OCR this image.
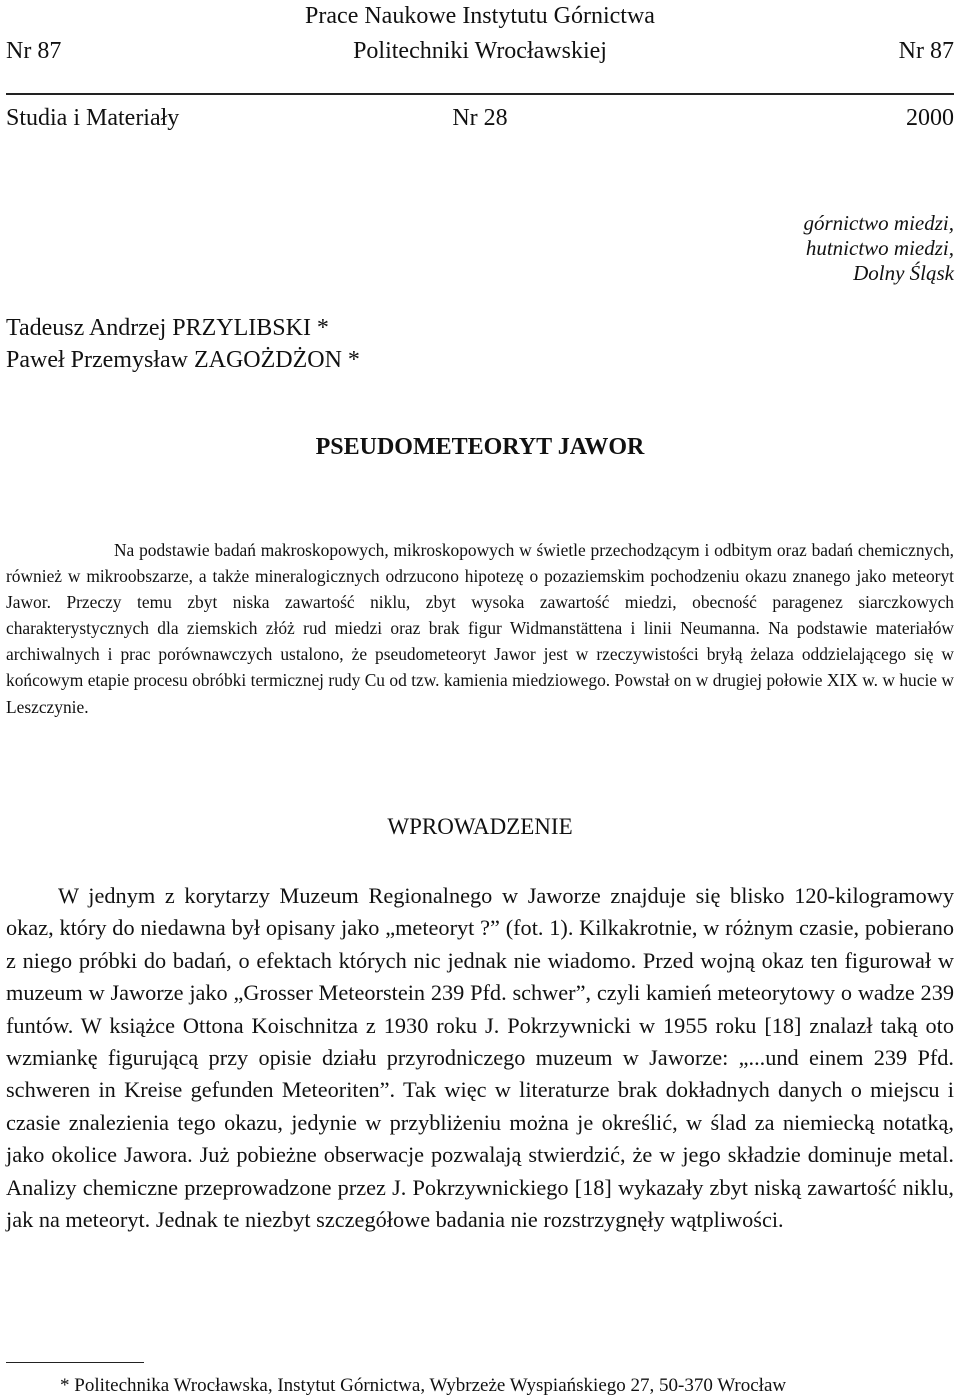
Prace Naukowe Instytutu Górnictwa
Nr 87	Politechniki Wrocławskiej	Nr 87
Studia i Materiały	Nr 28	2000
górnictwo miedzi,
hutnictwo miedzi,
Dolny Śląsk
Tadeusz Andrzej PRZYLIBSKI *
Paweł Przemysław ZAGOŻDŻON *
PSEUDOMETEORYT JAWOR

Na podstawie badań makroskopowych, mikroskopowych w świetle przechodzącym i odbitym oraz badań chemicznych, również w mikroobszarze, a także mineralogicznych odrzucono hipotezę o pozaziemskim pochodzeniu okazu znanego jako meteoryt Jawor. Przeczy temu zbyt niska zawartość niklu, zbyt wysoka zawartość miedzi, obecność paragenez siarczkowych charakterystycznych dla ziemskich złóż rud miedzi oraz brak figur Widmanstättena i linii Neumanna. Na podstawie materiałów archiwalnych i prac porównawczych ustalono, że pseudometeoryt Jawor jest w rzeczywistości bryłą żelaza oddzielającego się w końcowym etapie procesu obróbki termicznej rudy Cu od tzw. kamienia miedziowego. Powstał on w drugiej połowie XIX w. w hucie w Leszczynie.

WPROWADZENIE

W jednym z korytarzy Muzeum Regionalnego w Jaworze znajduje się blisko 120-kilogramowy okaz, który do niedawna był opisany jako „meteoryt ?” (fot. 1). Kilkakrotnie, w różnym czasie, pobierano z niego próbki do badań, o efektach których nic jednak nie wiadomo. Przed wojną okaz ten figurował w muzeum w Jaworze jako „Grosser Meteorstein 239 Pfd. schwer”, czyli kamień meteorytowy o wadze 239 funtów. W książce Ottona Koischnitza z 1930 roku J. Pokrzywnicki w 1955 roku [18] znalazł taką oto wzmiankę figurującą przy opisie działu przyrodniczego muzeum w Jaworze: „...und einem 239 Pfd. schweren in Kreise gefunden Meteoriten”. Tak więc w literaturze brak dokładnych danych o miejscu i czasie znalezienia tego okazu, jedynie w przybliżeniu można je określić, w ślad za niemiecką notatką, jako okolice Jawora. Już pobieżne obserwacje pozwalają stwierdzić, że w jego składzie dominuje metal. Analizy chemiczne przeprowadzone przez J. Pokrzywnickiego [18] wykazały zbyt niską zawartość niklu, jak na meteoryt. Jednak te niezbyt szczegółowe badania nie rozstrzygnęły wątpliwości.

* Politechnika Wrocławska, Instytut Górnictwa, Wybrzeże Wyspiańskiego 27, 50-370 Wrocław
